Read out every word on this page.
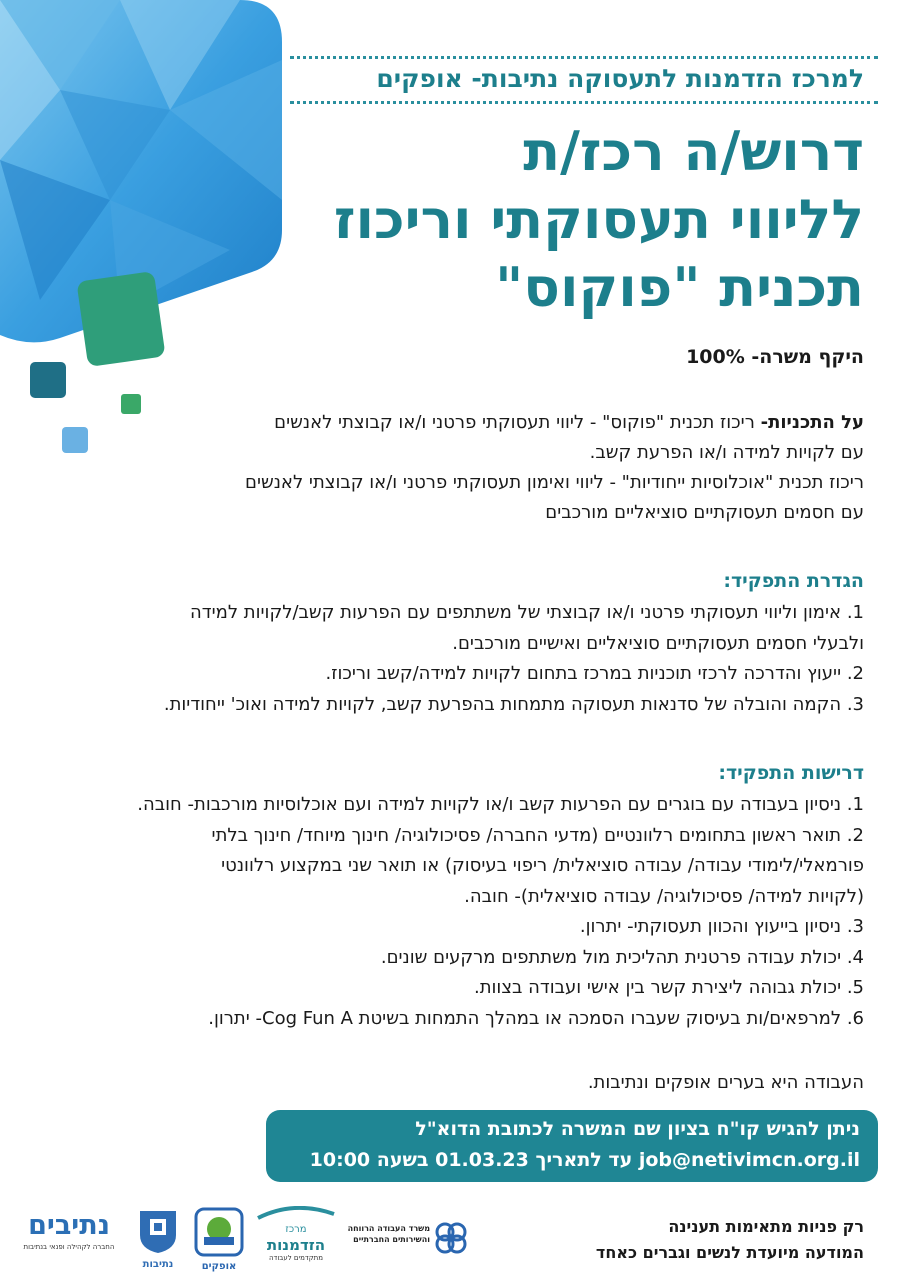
למרכז הזדמנות לתעסוקה נתיבות- אופקים
דרוש/ה רכז/ת
לליווי תעסוקתי וריכוז
תכנית "פוקוס"
היקף משרה- 100%
על התכניות- ריכוז תכנית "פוקוס" - ליווי תעסוקתי פרטני ו/או קבוצתי לאנשים
עם לקויות למידה ו/או הפרעת קשב.
ריכוז תכנית "אוכלוסיות ייחודיות" - ליווי ואימון תעסוקתי פרטני ו/או קבוצתי לאנשים
עם חסמים תעסוקתיים סוציאליים מורכבים
הגדרת התפקיד:
1. אימון וליווי תעסוקתי פרטני ו/או קבוצתי של משתתפים עם הפרעות קשב/לקויות למידה
ולבעלי חסמים תעסוקתיים סוציאליים ואישיים מורכבים.
2. ייעוץ והדרכה לרכזי תוכניות במרכז בתחום לקויות למידה/קשב וריכוז.
3. הקמה והובלה של סדנאות תעסוקה מתמחות בהפרעת קשב, לקויות למידה ואוכ' ייחודיות.
דרישות התפקיד:
1. ניסיון בעבודה עם בוגרים עם הפרעות קשב ו/או לקויות למידה ועם אוכלוסיות מורכבות- חובה.
2. תואר ראשון בתחומים רלוונטיים (מדעי החברה/ פסיכולוגיה/ חינוך מיוחד/ חינוך בלתי
פורמאלי/לימודי עבודה/ עבודה סוציאלית/ ריפוי בעיסוק) או תואר שני במקצוע רלוונטי
(לקויות למידה/ פסיכולוגיה/ עבודה סוציאלית)- חובה.
3. ניסיון בייעוץ והכוון תעסוקתי- יתרון.
4. יכולת עבודה פרטנית תהליכית מול משתתפים מרקעים שונים.
5. יכולת גבוהה ליצירת קשר בין אישי ועבודה בצוות.
6. למרפאים/ות בעיסוק שעברו הסמכה או במהלך התמחות בשיטת Cog Fun A- יתרון.
העבודה היא בערים אופקים ונתיבות.
ניתן להגיש קו"ח בציון שם המשרה לכתובת הדוא"ל
job@netivimcn.org.il עד לתאריך 01.03.23 בשעה 10:00
רק פניות מתאימות תענינה
המודעה מיועדת לנשים וגברים כאחד
נתיבים
החברה לקהילה ופנאי בנתיבות
נתיבות	אופקים
מרכז
הזדמנות
מתקדמים לעבודה
משרד העבודה הרווחה והשירותים החברתיים
